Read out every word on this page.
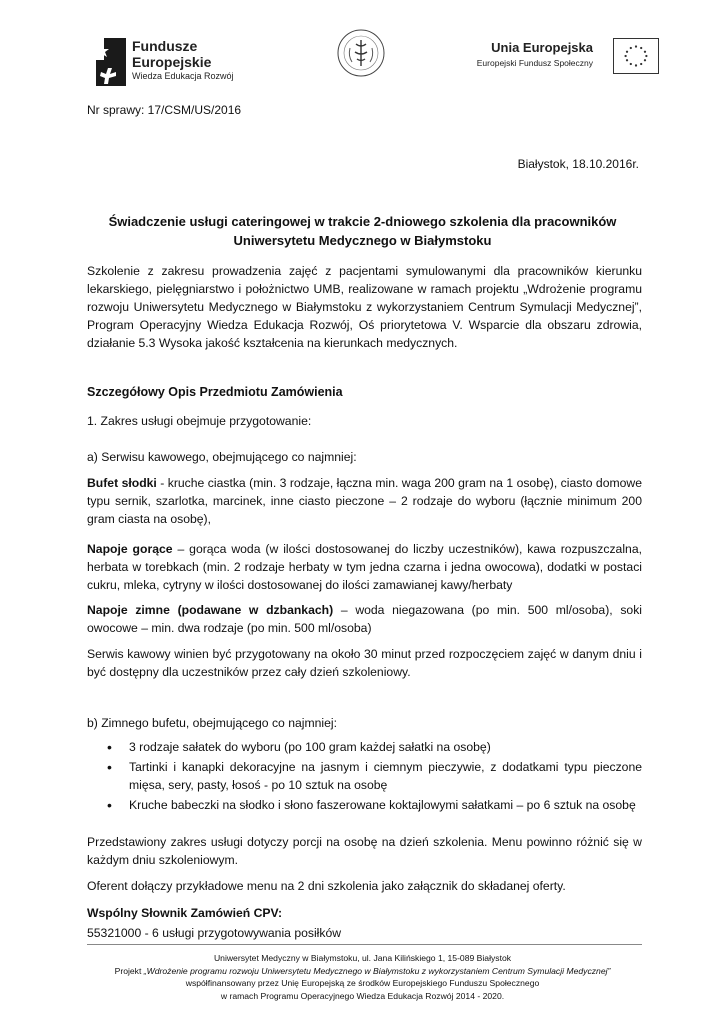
Fundusze
Europejskie
Wiedza Edukacja Rozwój
Unia Europejska
Europejski Fundusz Społeczny
Nr sprawy: 17/CSM/US/2016
Białystok, 18.10.2016r.
Świadczenie usługi cateringowej w trakcie 2-dniowego szkolenia dla pracowników
Uniwersytetu Medycznego w Białymstoku
Szkolenie z zakresu prowadzenia zajęć z pacjentami symulowanymi dla pracowników kierunku lekarskiego, pielęgniarstwo i położnictwo UMB, realizowane w ramach projektu „Wdrożenie programu rozwoju Uniwersytetu Medycznego w Białymstoku z wykorzystaniem Centrum Symulacji Medycznej”, Program Operacyjny Wiedza Edukacja Rozwój, Oś priorytetowa V. Wsparcie dla obszaru zdrowia, działanie 5.3 Wysoka jakość kształcenia na kierunkach medycznych.
Szczegółowy Opis Przedmiotu Zamówienia
1. Zakres usługi obejmuje przygotowanie:
a) Serwisu kawowego, obejmującego co najmniej:
Bufet słodki - kruche ciastka (min. 3 rodzaje, łączna min. waga 200 gram na 1 osobę), ciasto domowe typu sernik, szarlotka, marcinek, inne ciasto pieczone – 2 rodzaje do wyboru (łącznie minimum 200 gram ciasta na osobę),
Napoje gorące – gorąca woda (w ilości dostosowanej do liczby uczestników), kawa rozpuszczalna, herbata w torebkach (min. 2 rodzaje herbaty w tym jedna czarna i jedna owocowa), dodatki w postaci cukru, mleka, cytryny w ilości dostosowanej do ilości zamawianej kawy/herbaty
Napoje zimne (podawane w dzbankach) – woda niegazowana (po min. 500 ml/osoba), soki owocowe – min. dwa rodzaje (po min. 500 ml/osoba)
Serwis kawowy winien być przygotowany na około 30 minut przed rozpoczęciem zajęć w danym dniu i być dostępny dla uczestników przez cały dzień szkoleniowy.
b) Zimnego bufetu, obejmującego co najmniej:
• 3 rodzaje sałatek do wyboru (po 100 gram każdej sałatki na osobę)
• Tartinki i kanapki dekoracyjne na jasnym i ciemnym pieczywie, z dodatkami typu pieczone mięsa, sery, pasty, łosoś - po 10 sztuk na osobę
• Kruche babeczki na słodko i słono faszerowane koktajlowymi sałatkami – po 6 sztuk na osobę
Przedstawiony zakres usługi dotyczy porcji na osobę na dzień szkolenia. Menu powinno różnić się w każdym dniu szkoleniowym.
Oferent dołączy przykładowe menu na 2 dni szkolenia jako załącznik do składanej oferty.
Wspólny Słownik Zamówień CPV:
55321000 - 6 usługi przygotowywania posiłków
Uniwersytet Medyczny w Białymstoku, ul. Jana Kilińskiego 1, 15-089 Białystok
Projekt „Wdrożenie programu rozwoju Uniwersytetu Medycznego w Białymstoku z wykorzystaniem Centrum Symulacji Medycznej”
współfinansowany przez Unię Europejską ze środków Europejskiego Funduszu Społecznego
w ramach Programu Operacyjnego Wiedza Edukacja Rozwój 2014 - 2020.
